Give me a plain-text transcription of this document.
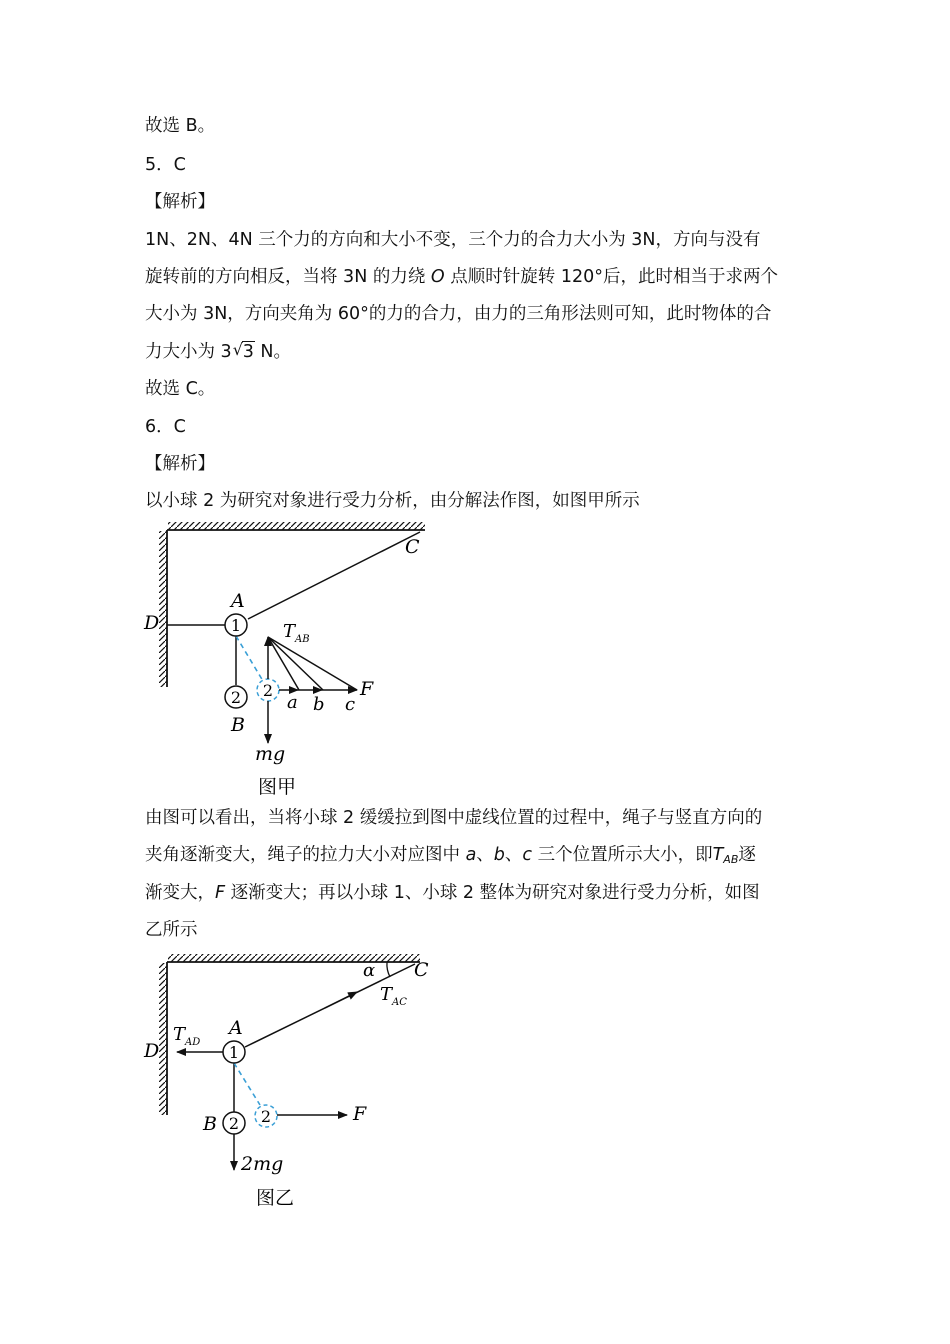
故选 B。
5．C
【解析】
1N、2N、4N 三个力的方向和大小不变，三个力的合力大小为 3N，方向与没有
旋转前的方向相反，当将 3N 的力绕 O 点顺时针旋转 120°后，此时相当于求两个
大小为 3N，方向夹角为 60°的力的合力，由力的三角形法则可知，此时物体的合
力大小为 3 √ 3 N。
故选 C。
6．C
【解析】
以小球 2 为研究对象进行受力分析，由分解法作图，如图甲所示
1
2 2
D
A
B
C
T AB
a b c
F
mg
图甲
由图可以看出，当将小球 2 缓缓拉到图中虚线位置的过程中，绳子与竖直方向的
夹角逐渐变大，绳子的拉力大小对应图中 a、b、c 三个位置所示大小，即TAB逐
渐变大，F 逐渐变大；再以小球 1、小球 2 整体为研究对象进行受力分析，如图
乙所示
1
2 2
D
A
B
C
α
T AC
T AD
F
2mg
图乙
